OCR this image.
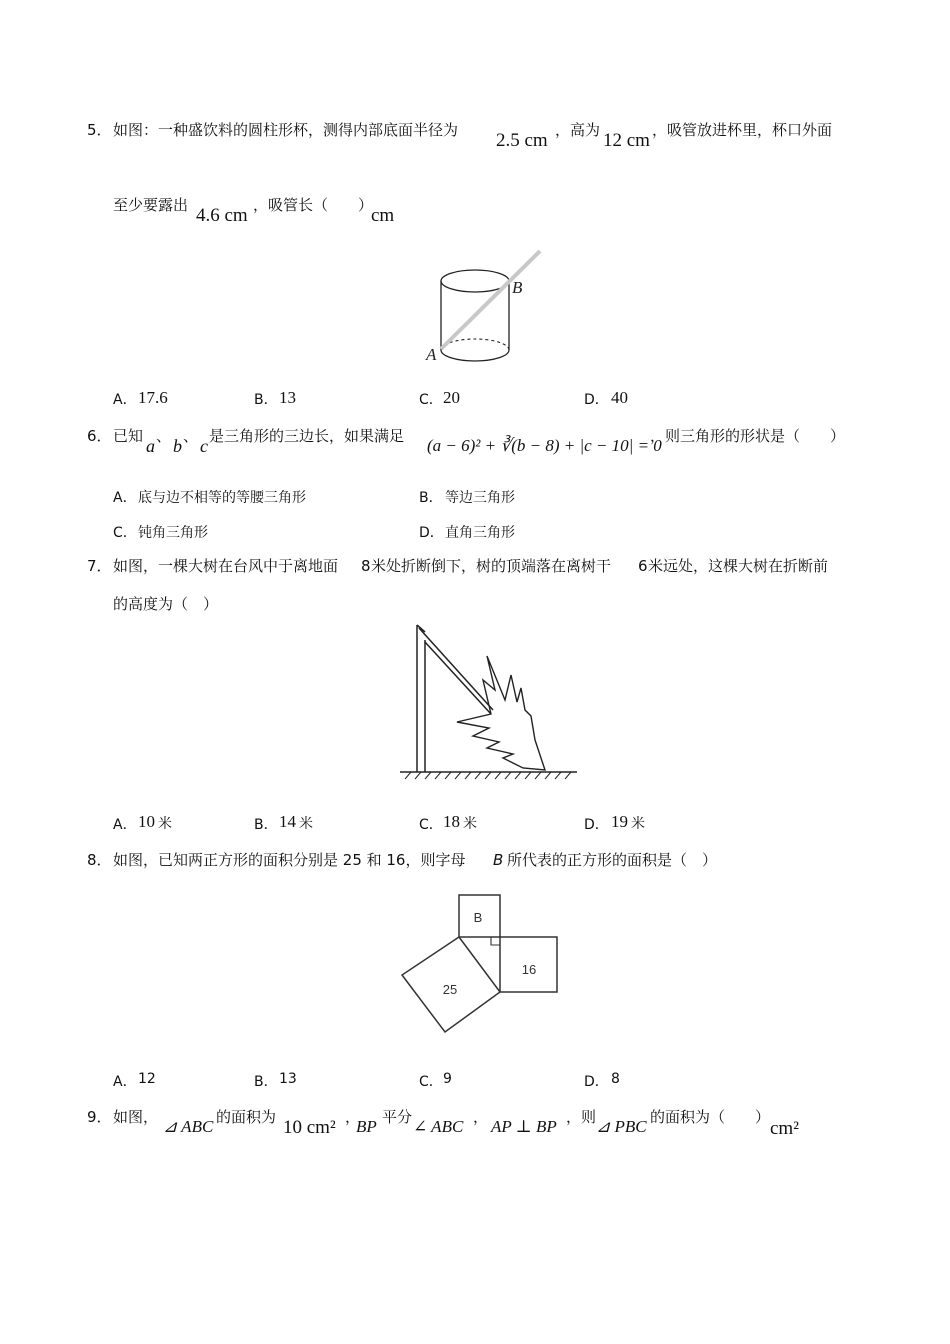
5． 如图：一种盛饮料的圆柱形杯，测得内部底面半径为 2.5 cm ，高为 12 cm ，吸管放进杯里，杯口外面
至少要露出 4.6 cm ，吸管长（　　）
cm
A
B
A． 17.6	B． 13	C． 20	D． 40
6． 已知 a 、 b 、 c 是三角形的三边长，如果满足 (a − 6)² + ∛(b − 8) + |c − 10| = 0
，则三角形的形状是（　　）
A． 底与边不相等的等腰三角形	B． 等边三角形
C． 钝角三角形	D． 直角三角形
7． 如图，一棵大树在台风中于离地面 8 米处折断倒下，树的顶端落在离树干 6 米远处，这棵大树在折断前
的高度为（　）
A． 10 米	B． 14 米	C． 18 米	D． 19 米
8． 如图，已知两正方形的面积分别是 25 和 16，则字母 B 所代表的正方形的面积是（　）
B
16
25
A． 12	B． 13	C． 9	D． 8
9． 如图， ⊿ ABC 的面积为 10 cm² ，
BP 平分 ∠ ABC ， AP ⊥ BP ，则 ⊿ PBC 的面积为（　　）
cm²
